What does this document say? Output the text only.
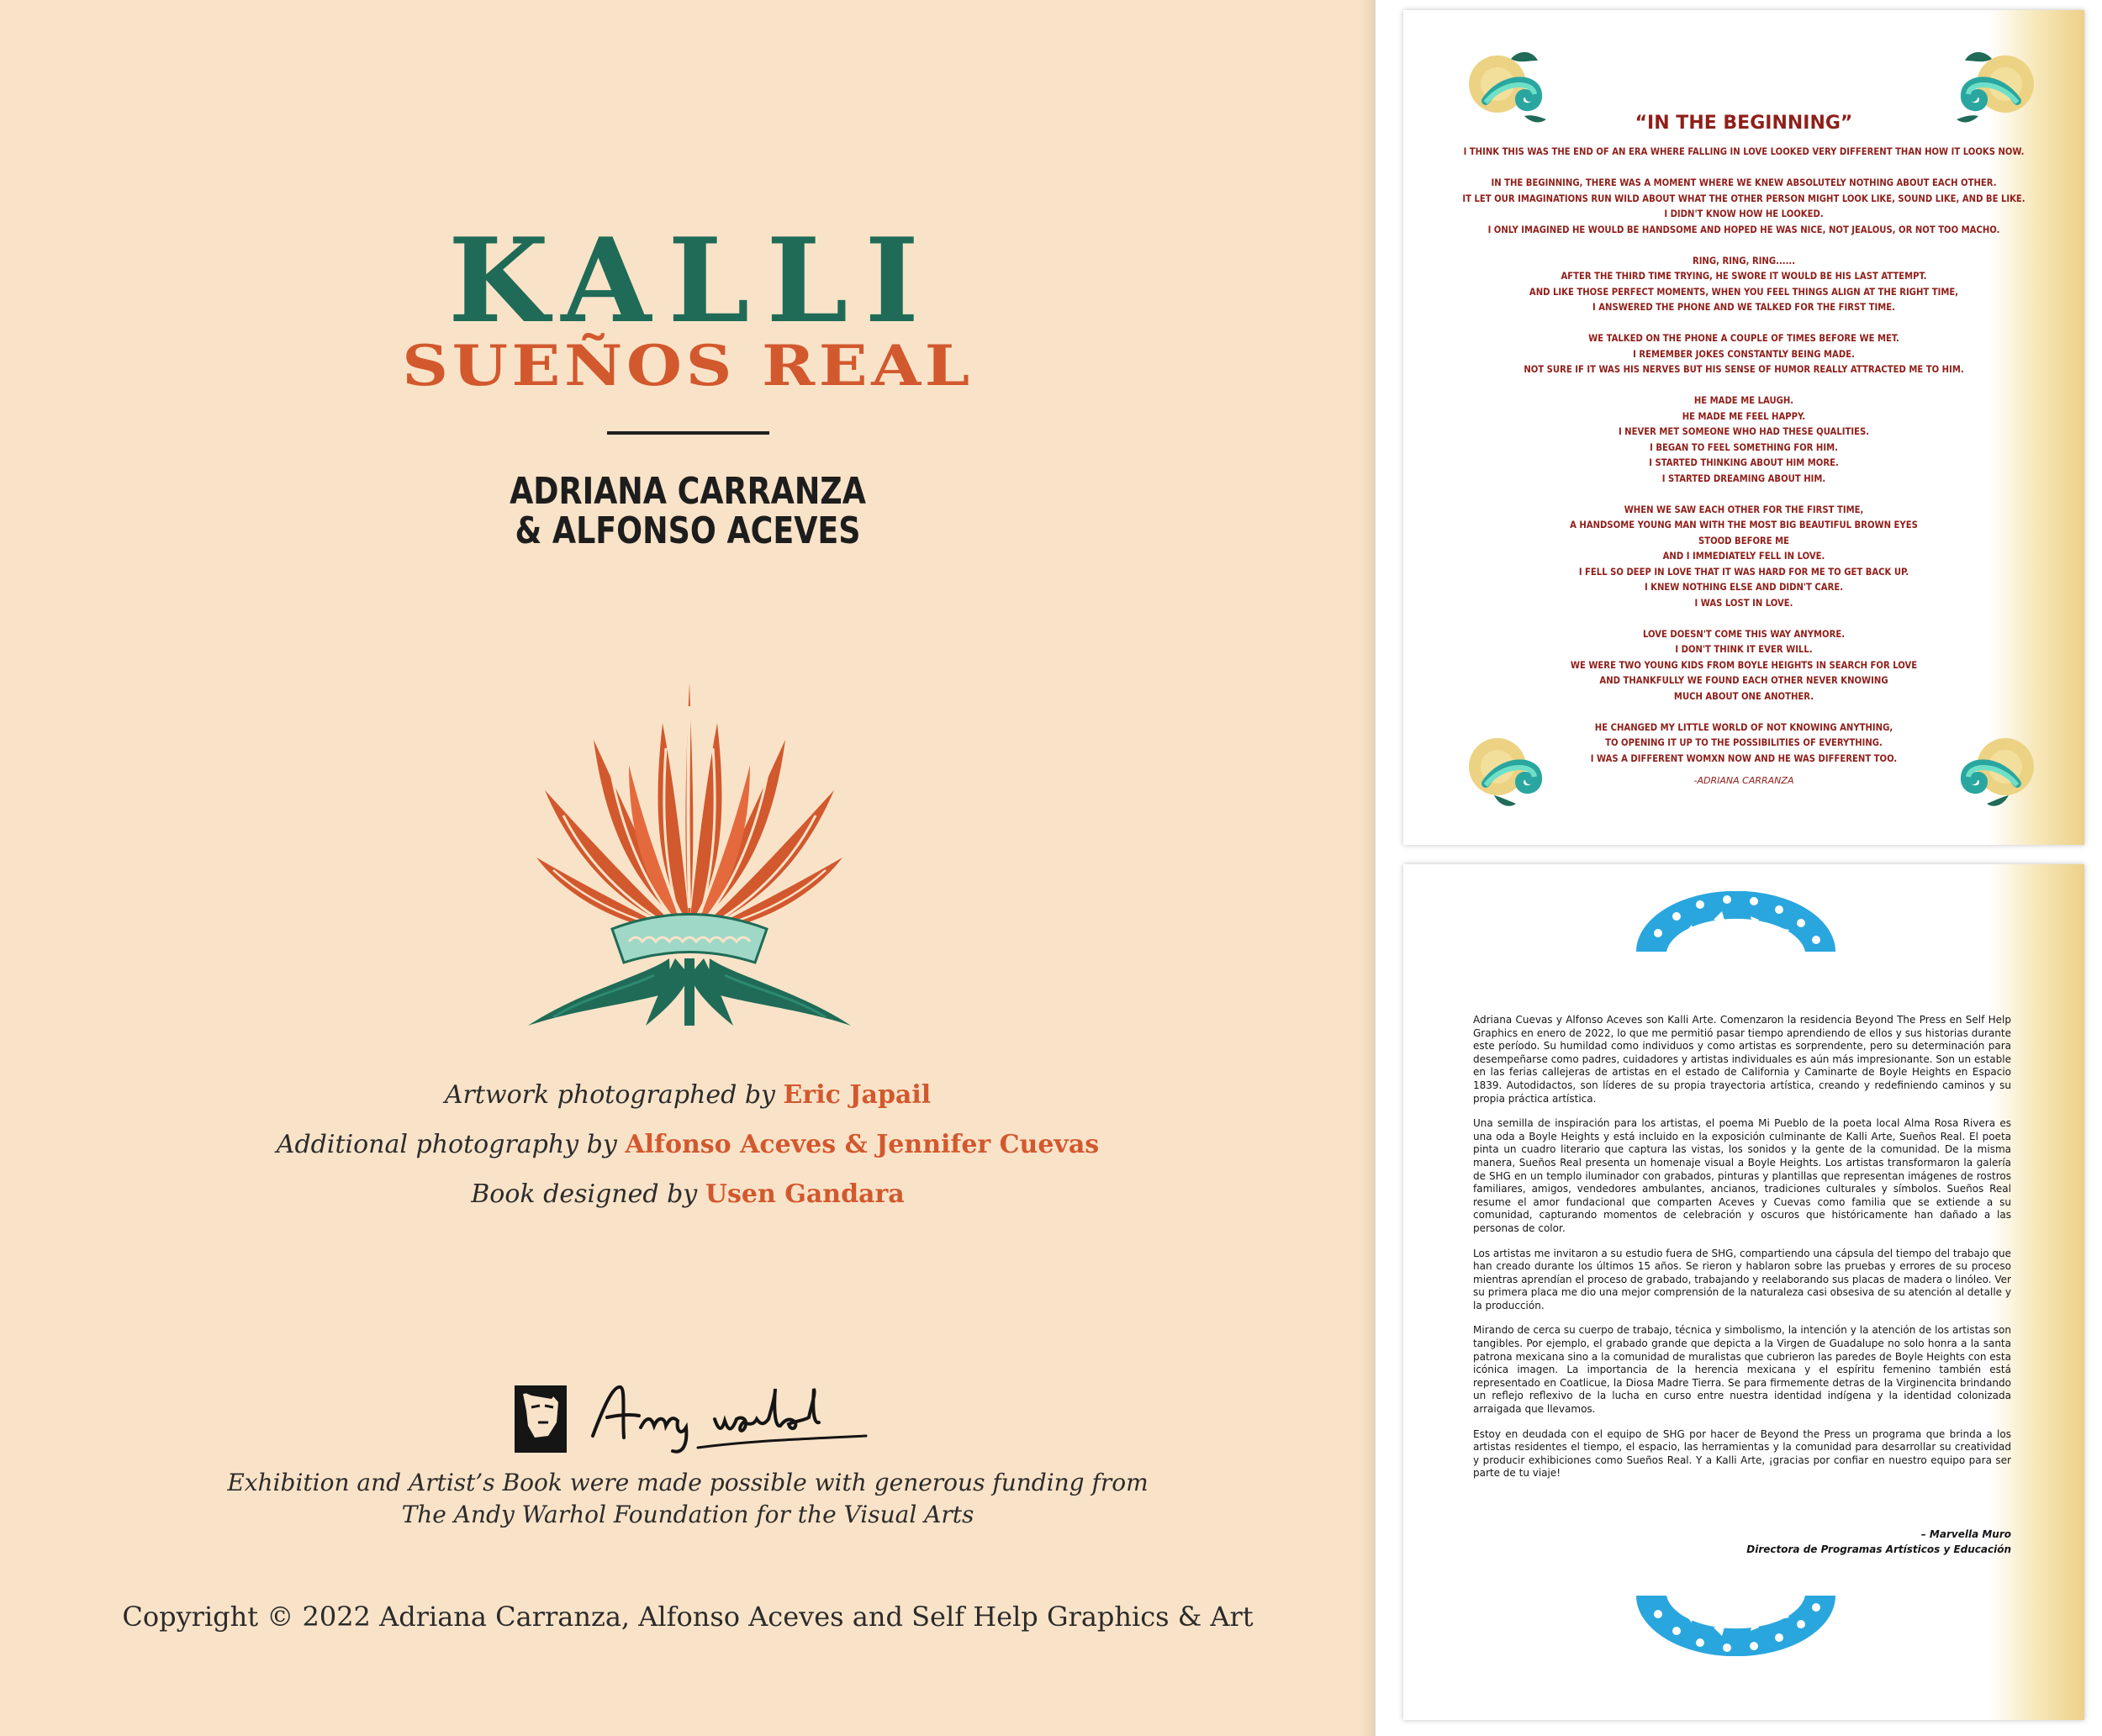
KALLI
SUEÑOS REAL
ADRIANA CARRANZA
& ALFONSO ACEVES
Artwork photographed by Eric Japail
Additional photography by Alfonso Aceves & Jennifer Cuevas
Book designed by Usen Gandara
Exhibition and Artist’s Book were made possible with generous funding from
The Andy Warhol Foundation for the Visual Arts
Copyright © 2022 Adriana Carranza, Alfonso Aceves and Self Help Graphics & Art
“IN THE BEGINNING”
I THINK THIS WAS THE END OF AN ERA WHERE FALLING IN LOVE LOOKED VERY DIFFERENT THAN HOW IT LOOKS NOW.
IN THE BEGINNING, THERE WAS A MOMENT WHERE WE KNEW ABSOLUTELY NOTHING ABOUT EACH OTHER.
IT LET OUR IMAGINATIONS RUN WILD ABOUT WHAT THE OTHER PERSON MIGHT LOOK LIKE, SOUND LIKE, AND BE LIKE.
I DIDN'T KNOW HOW HE LOOKED.
I ONLY IMAGINED HE WOULD BE HANDSOME AND HOPED HE WAS NICE, NOT JEALOUS, OR NOT TOO MACHO.
RING, RING, RING......
AFTER THE THIRD TIME TRYING, HE SWORE IT WOULD BE HIS LAST ATTEMPT.
AND LIKE THOSE PERFECT MOMENTS, WHEN YOU FEEL THINGS ALIGN AT THE RIGHT TIME,
I ANSWERED THE PHONE AND WE TALKED FOR THE FIRST TIME.
WE TALKED ON THE PHONE A COUPLE OF TIMES BEFORE WE MET.
I REMEMBER JOKES CONSTANTLY BEING MADE.
NOT SURE IF IT WAS HIS NERVES BUT HIS SENSE OF HUMOR REALLY ATTRACTED ME TO HIM.
HE MADE ME LAUGH.
HE MADE ME FEEL HAPPY.
I NEVER MET SOMEONE WHO HAD THESE QUALITIES.
I BEGAN TO FEEL SOMETHING FOR HIM.
I STARTED THINKING ABOUT HIM MORE.
I STARTED DREAMING ABOUT HIM.
WHEN WE SAW EACH OTHER FOR THE FIRST TIME,
A HANDSOME YOUNG MAN WITH THE MOST BIG BEAUTIFUL BROWN EYES
STOOD BEFORE ME
AND I IMMEDIATELY FELL IN LOVE.
I FELL SO DEEP IN LOVE THAT IT WAS HARD FOR ME TO GET BACK UP.
I KNEW NOTHING ELSE AND DIDN'T CARE.
I WAS LOST IN LOVE.
LOVE DOESN'T COME THIS WAY ANYMORE.
I DON'T THINK IT EVER WILL.
WE WERE TWO YOUNG KIDS FROM BOYLE HEIGHTS IN SEARCH FOR LOVE
AND THANKFULLY WE FOUND EACH OTHER NEVER KNOWING
MUCH ABOUT ONE ANOTHER.
HE CHANGED MY LITTLE WORLD OF NOT KNOWING ANYTHING,
TO OPENING IT UP TO THE POSSIBILITIES OF EVERYTHING.
I WAS A DIFFERENT WOMXN NOW AND HE WAS DIFFERENT TOO.
-ADRIANA CARRANZA

Adriana Cuevas y Alfonso Aceves son Kalli Arte. Comenzaron la residencia Beyond The Press en Self Help Graphics en enero de 2022, lo que me permitió pasar tiempo aprendiendo de ellos y sus historias durante este período. Su humildad como individuos y como artistas es sorprendente, pero su determinación para desempeñarse como padres, cuidadores y artistas individuales es aún más impresionante. Son un estable en las ferias callejeras de artistas en el estado de California y Caminarte de Boyle Heights en Espacio 1839. Autodidactos, son líderes de su propia trayectoria artística, creando y redefiniendo caminos y su propia práctica artística.

Una semilla de inspiración para los artistas, el poema Mi Pueblo de la poeta local Alma Rosa Rivera es una oda a Boyle Heights y está incluido en la exposición culminante de Kalli Arte, Sueños Real. El poeta pinta un cuadro literario que captura las vistas, los sonidos y la gente de la comunidad. De la misma manera, Sueños Real presenta un homenaje visual a Boyle Heights. Los artistas transformaron la galería de SHG en un templo iluminador con grabados, pinturas y plantillas que representan imágenes de rostros familiares, amigos, vendedores ambulantes, ancianos, tradiciones culturales y símbolos. Sueños Real resume el amor fundacional que comparten Aceves y Cuevas como familia que se extiende a su comunidad, capturando momentos de celebración y oscuros que históricamente han dañado a las personas de color.

Los artistas me invitaron a su estudio fuera de SHG, compartiendo una cápsula del tiempo del trabajo que han creado durante los últimos 15 años. Se rieron y hablaron sobre las pruebas y errores de su proceso mientras aprendían el proceso de grabado, trabajando y reelaborando sus placas de madera o linóleo. Ver su primera placa me dio una mejor comprensión de la naturaleza casi obsesiva de su atención al detalle y la producción.

Mirando de cerca su cuerpo de trabajo, técnica y simbolismo, la intención y la atención de los artistas son tangibles. Por ejemplo, el grabado grande que depicta a la Virgen de Guadalupe no solo honra a la santa patrona mexicana sino a la comunidad de muralistas que cubrieron las paredes de Boyle Heights con esta icónica imagen. La importancia de la herencia mexicana y el espíritu femenino también está representado en Coatlicue, la Diosa Madre Tierra. Se para firmemente detras de la Virginencita brindando un reflejo reflexivo de la lucha en curso entre nuestra identidad indígena y la identidad colonizada arraigada que llevamos.

Estoy en deudada con el equipo de SHG por hacer de Beyond the Press un programa que brinda a los artistas residentes el tiempo, el espacio, las herramientas y la comunidad para desarrollar su creatividad y producir exhibiciones como Sueños Real. Y a Kalli Arte, ¡gracias por confiar en nuestro equipo para ser parte de tu viaje!

– Marvella Muro
Directora de Programas Artísticos y Educación
